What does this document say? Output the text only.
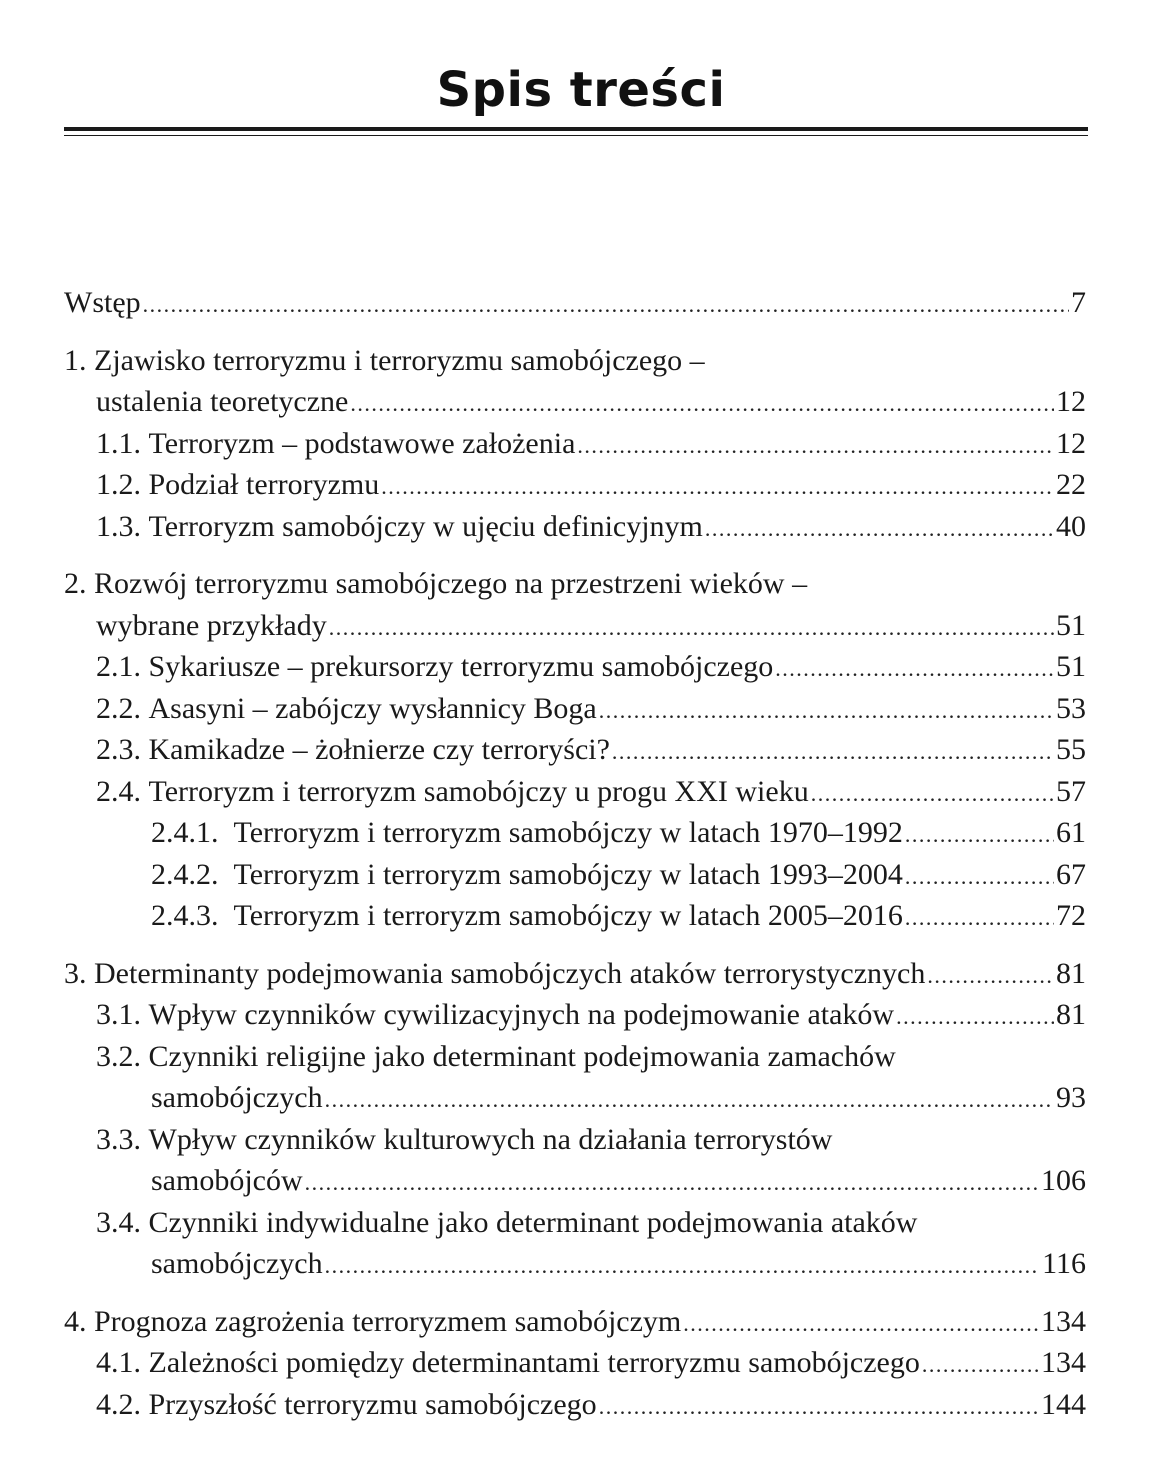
Spis treści
Wstęp .....	7
1. Zjawisko terroryzmu i terroryzmu samobójczego –
ustalenia teoretyczne .....	12
1.1.
Terroryzm – podstawowe założenia .....	12
1.2.
Podział terroryzmu .....	22
1.3.
Terroryzm samobójczy w ujęciu definicyjnym .....	40
2. Rozwój terroryzmu samobójczego na przestrzeni wieków –
wybrane przykłady .....	51
2.1.
Sykariusze – prekursorzy terroryzmu samobójczego .....	51
2.2.
Asasyni – zabójczy wysłannicy Boga .....	53
2.3.
Kamikadze – żołnierze czy terroryści? .....	55
2.4.
Terroryzm i terroryzm samobójczy u progu XXI wieku .....	57
2.4.1.
Terroryzm i terroryzm samobójczy w latach 1970–1992 .....	61
2.4.2.
Terroryzm i terroryzm samobójczy w latach 1993–2004 .....	67
2.4.3.
Terroryzm i terroryzm samobójczy w latach 2005–2016 .....	72
3. Determinanty podejmowania samobójczych ataków terrorystycznych .....	81
3.1.
Wpływ czynników cywilizacyjnych na podejmowanie ataków .....	81
3.2.
Czynniki religijne jako determinant podejmowania zamachów
samobójczych .....	93
3.3.
Wpływ czynników kulturowych na działania terrorystów
samobójców .....	106
3.4.
Czynniki indywidualne jako determinant podejmowania ataków
samobójczych .....	116
4. Prognoza zagrożenia terroryzmem samobójczym .....	134
4.1.
Zależności pomiędzy determinantami terroryzmu samobójczego .....	134
4.2.
Przyszłość terroryzmu samobójczego .....	144
